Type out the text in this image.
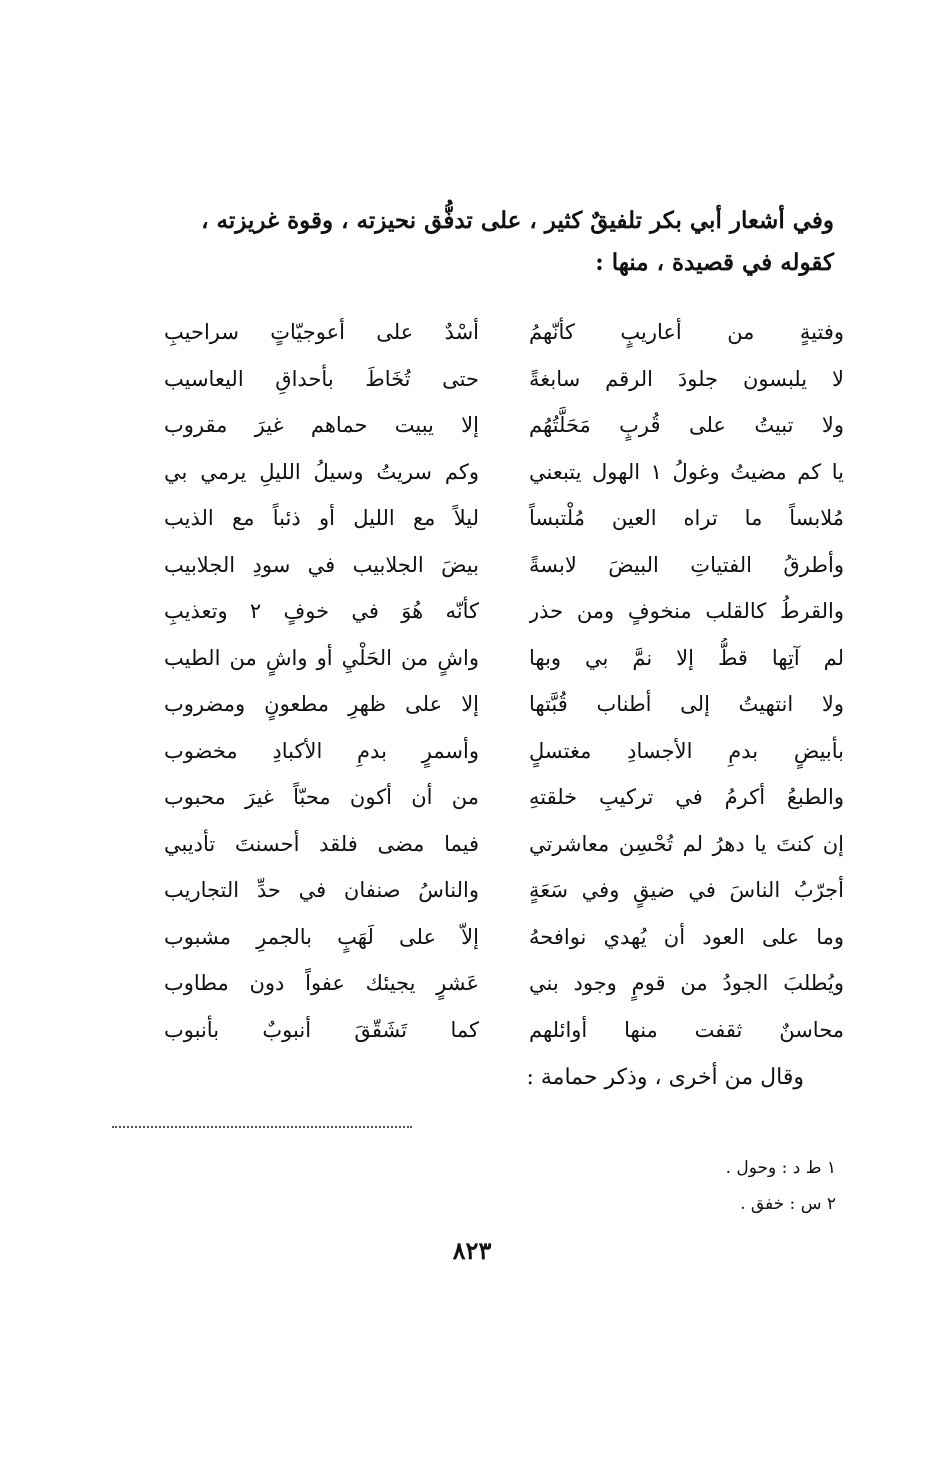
وفي أشعار أبي بكر تلفيقٌ كثير ، على تدفُّق نحيزته ، وقوة غريزته ،

كقوله في قصيدة ، منها :

وفتيةٍ من أعاريبٍ كأنّهمُ
أسْدٌ على أعوجيّاتٍ سراحيبِ
لا يلبسون جلودَ الرقم سابغةً
حتى تُخَاطَ بأحداقِ اليعاسيب
ولا تبيتُ على قُربٍ مَحَلَّتُهُم
إلا يبيت حماهم غيرَ مقروب
يا كم مضيتُ وغولُ ١ الهول يتبعني
وكم سريتُ وسيلُ الليلِ يرمي بي
مُلابساً ما تراه العين مُلْتبساً
ليلاً مع الليل أو ذئباً مع الذيب
وأطرقُ الفتياتِ البيضَ لابسةً
بيضَ الجلابيب في سودِ الجلابيب
والقرطُ كالقلب منخوفٍ ومن حذر
كأنّه هُوَ في خوفٍ ٢ وتعذيبِ
لم آتِها قطُّ إلا نمَّ بي وبها
واشٍ من الحَلْيِ أو واشٍ من الطيب
ولا انتهيتُ إلى أطناب قُبَّتها
إلا على ظهرِ مطعونٍ ومضروب
بأبيضٍ بدمِ الأجسادِ مغتسلٍ
وأسمرٍ بدمِ الأكبادِ مخضوب
والطبعُ أكرمُ في تركيبِ خلقتهِ
من أن أكون محبّاً غيرَ محبوب
إن كنتَ يا دهرُ لم تُحْسِن معاشرتي
فيما مضى فلقد أحسنتَ تأديبي
أجرّبُ الناسَ في ضيقٍ وفي سَعَةٍ
والناسُ صنفان في حدِّ التجاريب
وما على العود أن يُهدي نوافحهُ
إلاّ على لَهَبٍ بالجمرِ مشبوب
ويُطلبَ الجودُ من قومٍ وجود بني
عَشرٍ يجيئك عفواً دون مطاوب
محاسنٌ ثقفت منها أوائلهم
كما تَشَقّقَ أنبوبٌ بأنبوب
وقال من أخرى ، وذكر حمامة :
١ ط د : وحول .
٢ س : خفق .
٨٢٣
